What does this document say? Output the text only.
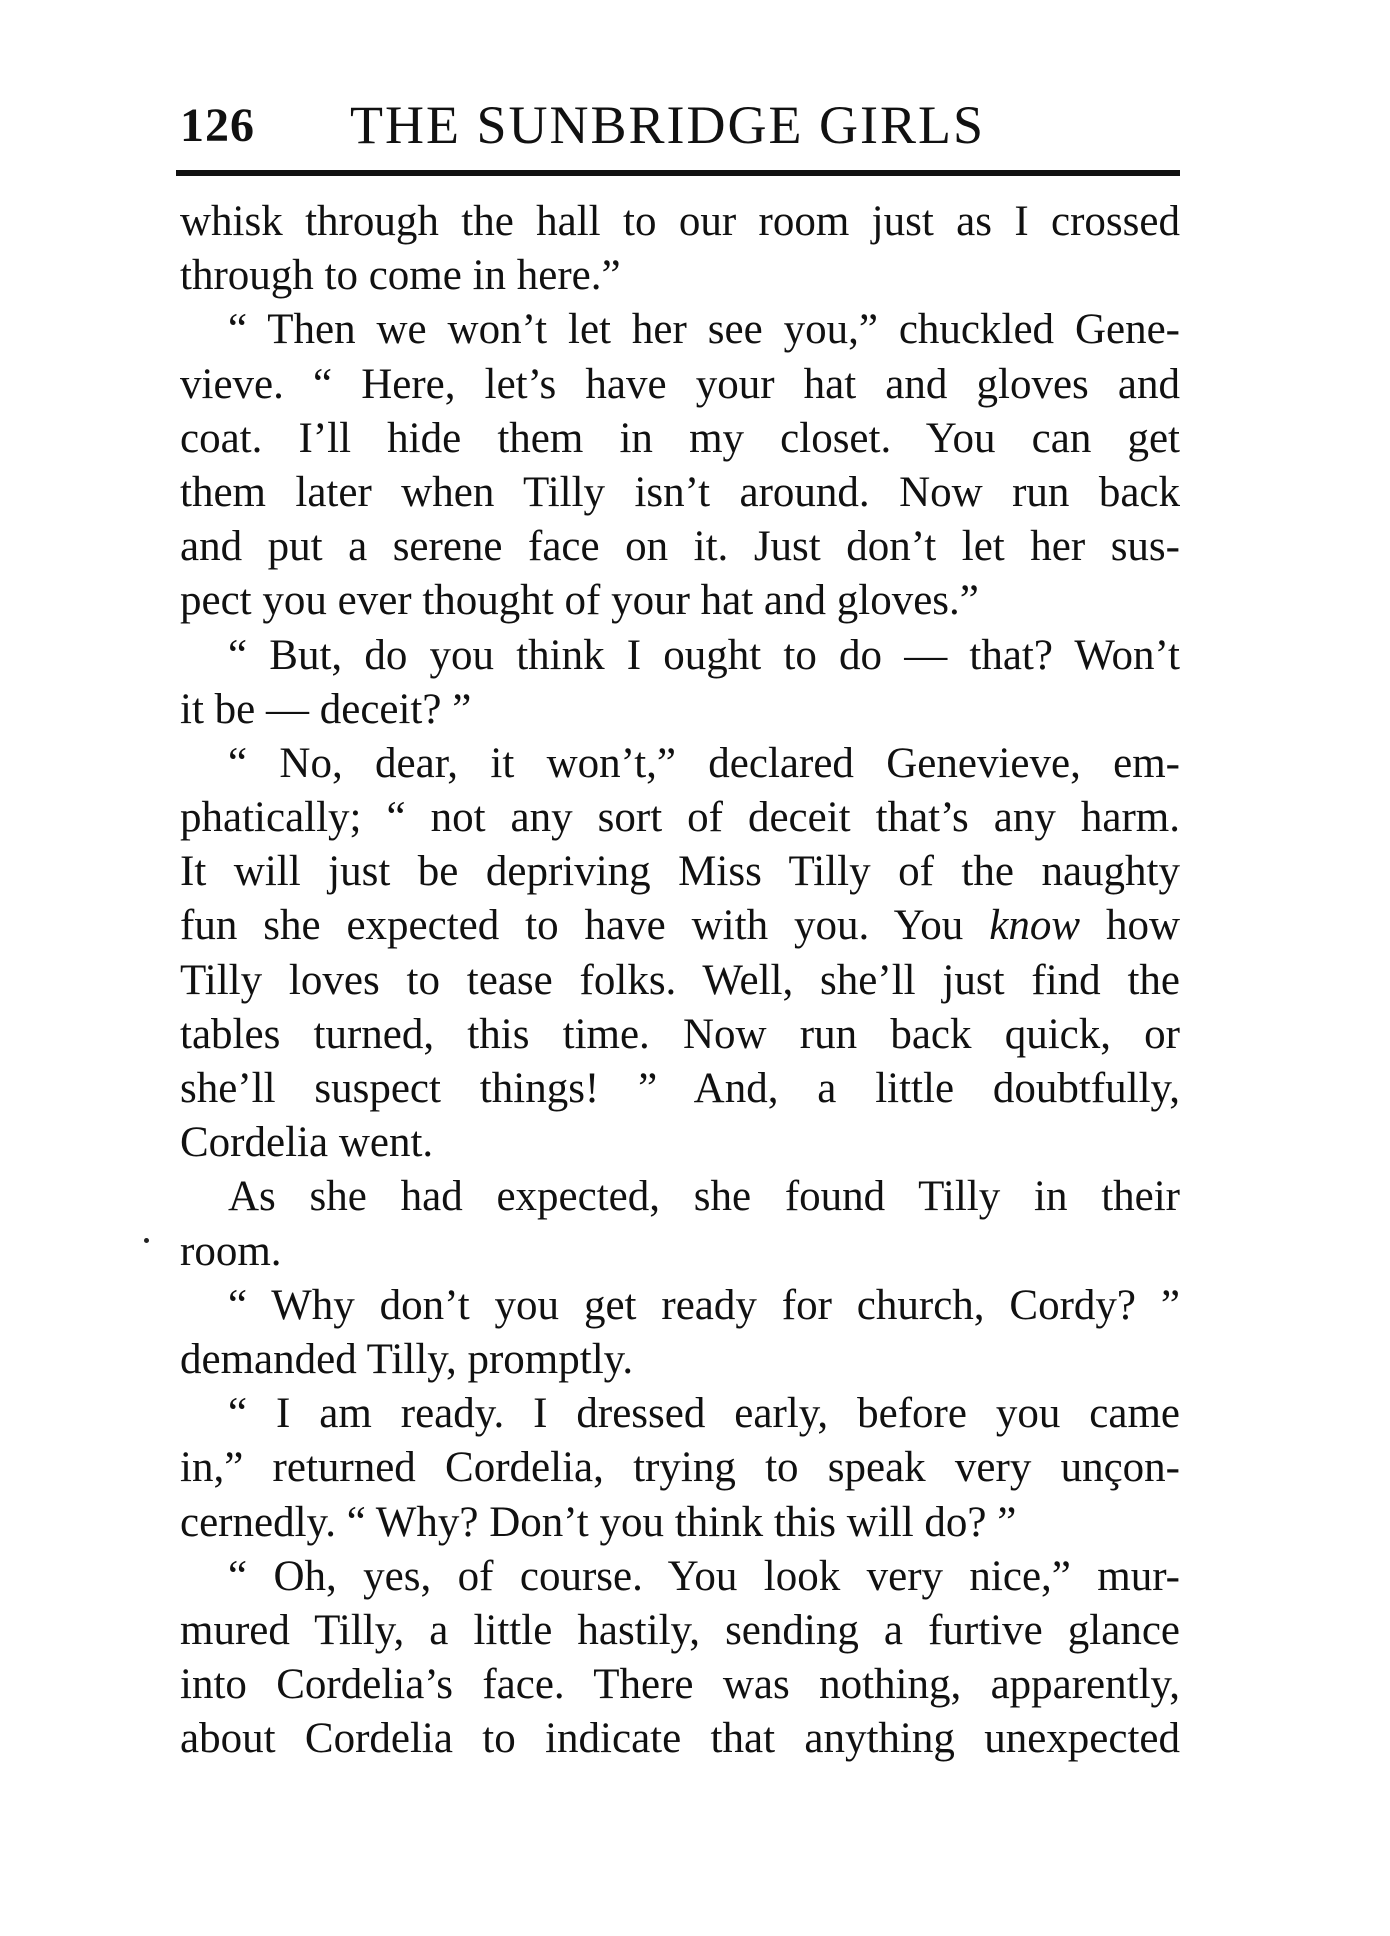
126 THE SUNBRIDGE GIRLS
whisk through the hall to our room just as I crossed
through to come in here.”
“ Then we won’t let her see you,” chuckled Gene-
vieve. “ Here, let’s have your hat and gloves and
coat. I’ll hide them in my closet. You can get
them later when Tilly isn’t around. Now run back
and put a serene face on it. Just don’t let her sus-
pect you ever thought of your hat and gloves.”
“ But, do you think I ought to do — that? Won’t
it be — deceit? ”
“ No, dear, it won’t,” declared Genevieve, em-
phatically; “ not any sort of deceit that’s any harm.
It will just be depriving Miss Tilly of the naughty
fun she expected to have with you. You know how
Tilly loves to tease folks. Well, she’ll just find the
tables turned, this time. Now run back quick, or
she’ll suspect things! ” And, a little doubtfully,
Cordelia went.
As she had expected, she found Tilly in their
room.
“ Why don’t you get ready for church, Cordy? ”
demanded Tilly, promptly.
“ I am ready. I dressed early, before you came
in,” returned Cordelia, trying to speak very unçon-
cernedly. “ Why? Don’t you think this will do? ”
“ Oh, yes, of course. You look very nice,” mur-
mured Tilly, a little hastily, sending a furtive glance
into Cordelia’s face. There was nothing, apparently,
about Cordelia to indicate that anything unexpected
